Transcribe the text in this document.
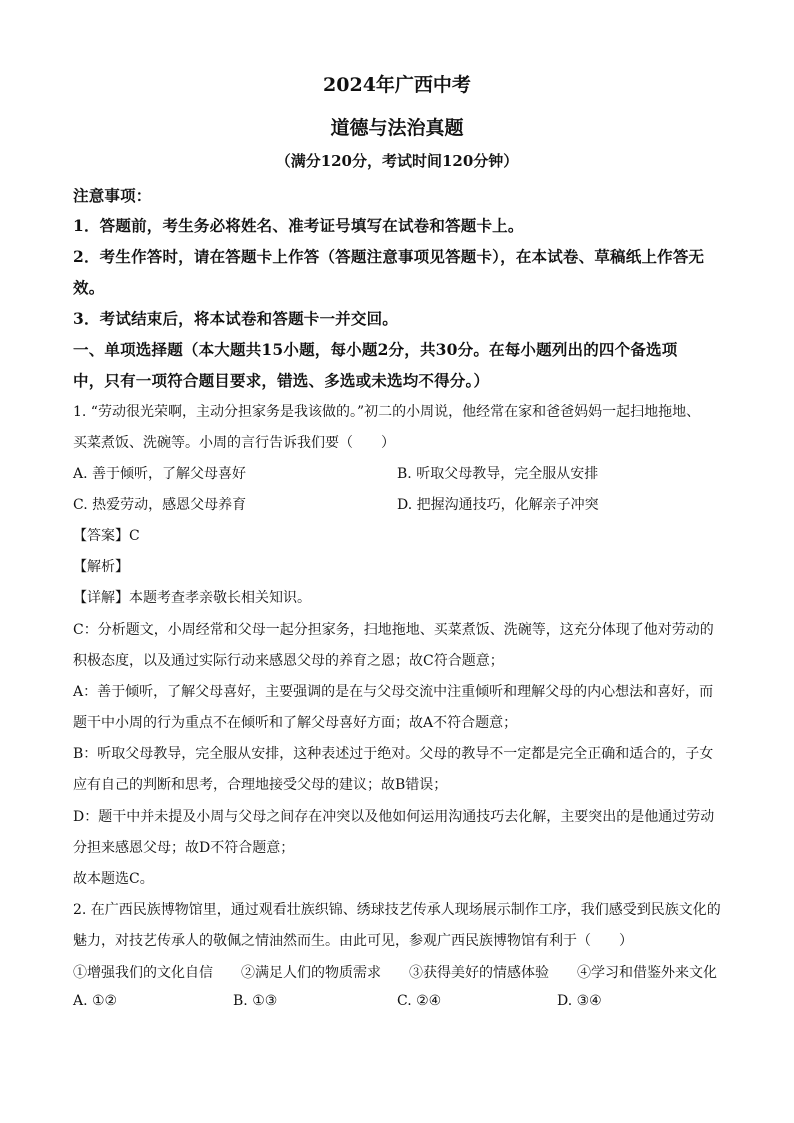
2024年广西中考
道德与法治真题
（满分120分，考试时间120分钟）
注意事项：
1．答题前，考生务必将姓名、准考证号填写在试卷和答题卡上。
2．考生作答时，请在答题卡上作答（答题注意事项见答题卡），在本试卷、草稿纸上作答无
效。
3．考试结束后，将本试卷和答题卡一并交回。
一、单项选择题（本大题共15小题，每小题2分，共30分。在每小题列出的四个备选项
中，只有一项符合题目要求，错选、多选或未选均不得分。）
1. “劳动很光荣啊，主动分担家务是我该做的。”初二的小周说，他经常在家和爸爸妈妈一起扫地拖地、
买菜煮饭、洗碗等。小周的言行告诉我们要（　　）
A. 善于倾听，了解父母喜好	B. 听取父母教导，完全服从安排
C. 热爱劳动，感恩父母养育	D. 把握沟通技巧，化解亲子冲突
【答案】C
【解析】
【详解】本题考查孝亲敬长相关知识。
C：分析题文，小周经常和父母一起分担家务，扫地拖地、买菜煮饭、洗碗等，这充分体现了他对劳动的
积极态度，以及通过实际行动来感恩父母的养育之恩；故C符合题意；
A：善于倾听，了解父母喜好，主要强调的是在与父母交流中注重倾听和理解父母的内心想法和喜好，而
题干中小周的行为重点不在倾听和了解父母喜好方面；故A不符合题意；
B：听取父母教导，完全服从安排，这种表述过于绝对。父母的教导不一定都是完全正确和适合的，子女
应有自己的判断和思考，合理地接受父母的建议；故B错误；
D：题干中并未提及小周与父母之间存在冲突以及他如何运用沟通技巧去化解，主要突出的是他通过劳动
分担来感恩父母；故D不符合题意；
故本题选C。
2. 在广西民族博物馆里，通过观看壮族织锦、绣球技艺传承人现场展示制作工序，我们感受到民族文化的
魅力，对技艺传承人的敬佩之情油然而生。由此可见，参观广西民族博物馆有利于（　　）
①增强我们的文化自信　　②满足人们的物质需求　　③获得美好的情感体验　　④学习和借鉴外来文化
A. ①②	B. ①③	C. ②④	D. ③④
